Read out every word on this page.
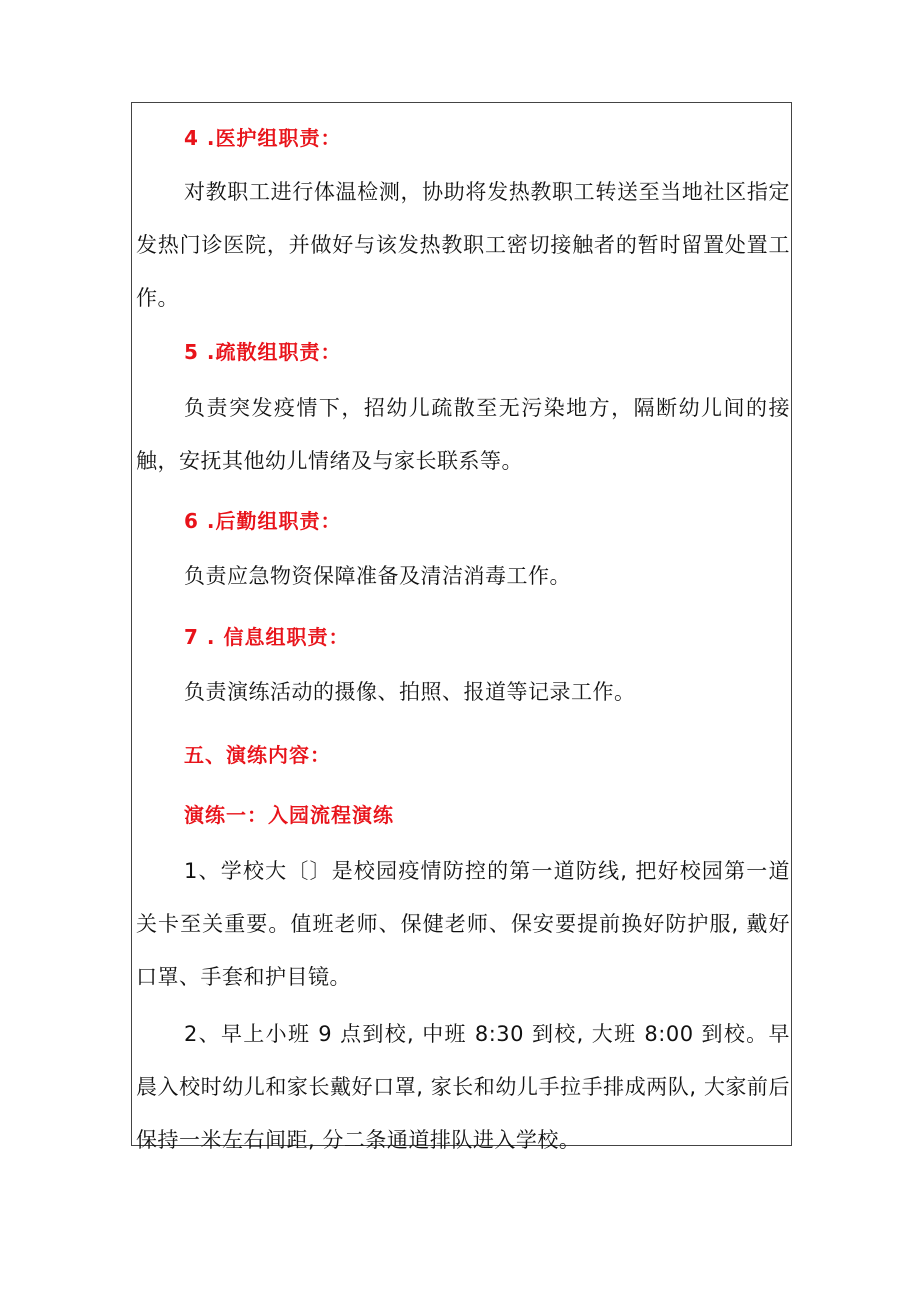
4 .医护组职责：

对教职工进行体温检测，协助将发热教职工转送至当地社区指定发热门诊医院，并做好与该发热教职工密切接触者的暂时留置处置工作。

5 .疏散组职责：

负责突发疫情下，招幼儿疏散至无污染地方，隔断幼儿间的接触，安抚其他幼儿情绪及与家长联系等。

6 .后勤组职责：

负责应急物资保障准备及清洁消毒工作。

7 . 信息组职责：

负责演练活动的摄像、拍照、报道等记录工作。

五、演练内容：
演练一：入园流程演练

1、学校大〔〕是校园疫情防控的第一道防线, 把好校园第一道关卡至关重要。值班老师、保健老师、保安要提前换好防护服, 戴好口罩、手套和护目镜。

2、早上小班 9 点到校, 中班 8:30 到校, 大班 8:00 到校。早晨入校时幼儿和家长戴好口罩, 家长和幼儿手拉手排成两队, 大家前后保持一米左右间距, 分二条通道排队进入学校。
